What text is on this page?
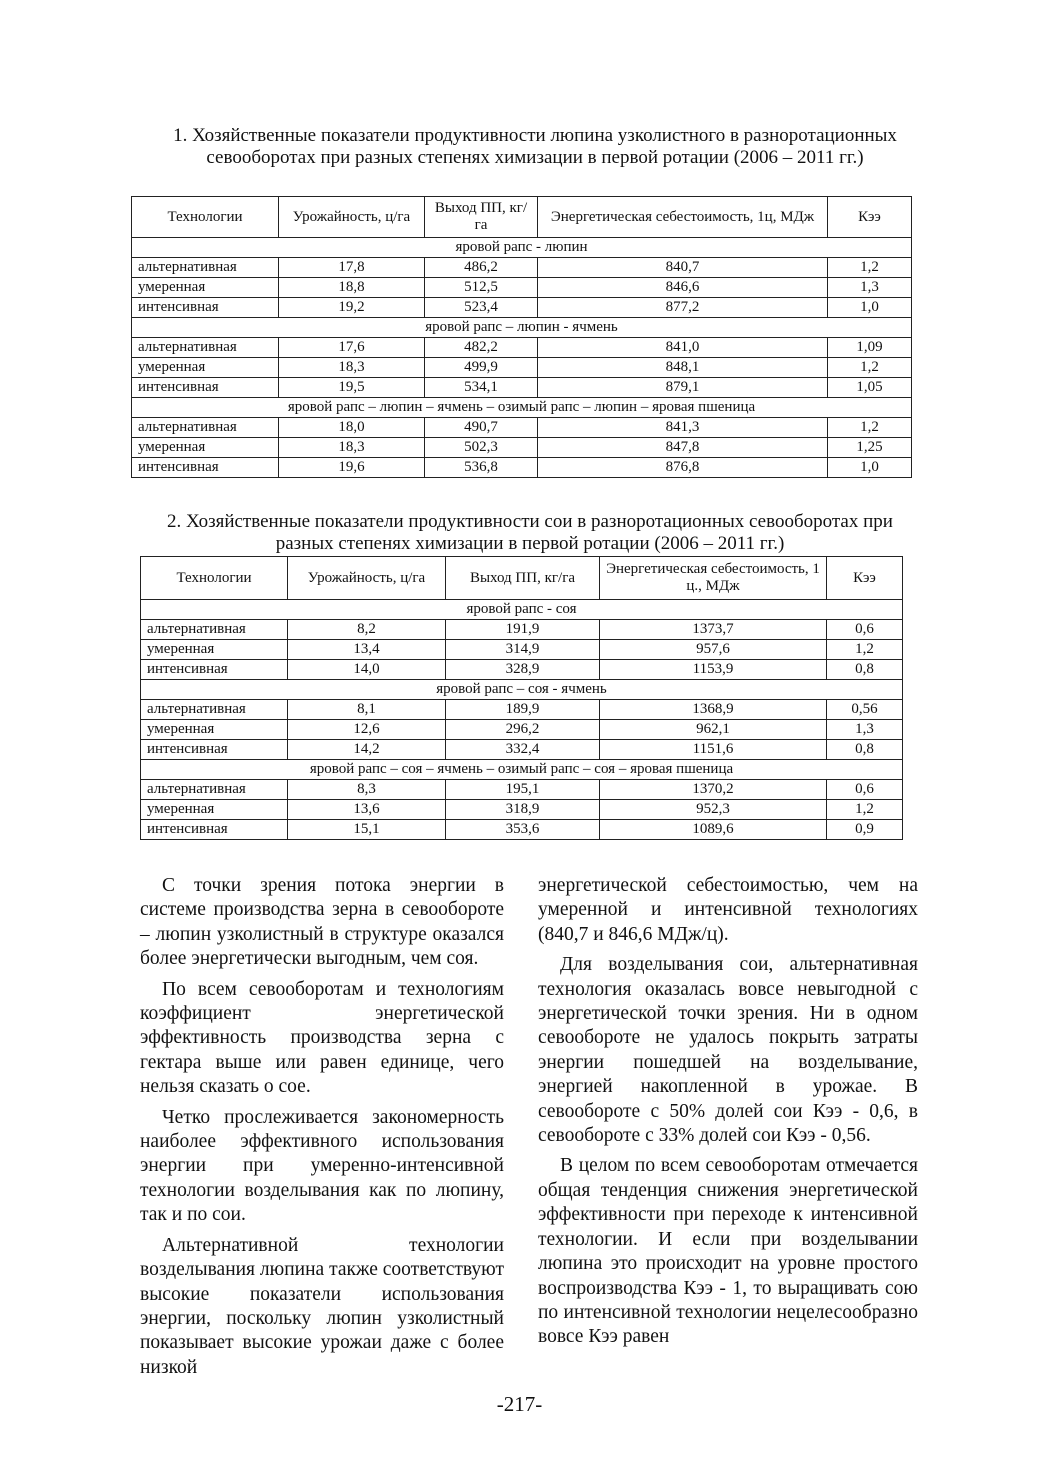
1. Хозяйственные показатели продуктивности люпина узколистного в разноротационных севооборотах при разных степенях химизации в первой ротации (2006 – 2011 гг.)
Технологии	Урожайность, ц/га	Выход ПП, кг/га	Энергетическая себестоимость, 1ц, МДж	Кээ
яровой рапс - люпин				
альтернативная	17,8	486,2	840,7	1,2
умеренная	18,8	512,5	846,6	1,3
интенсивная	19,2	523,4	877,2	1,0
яровой рапс – люпин - ячмень				
альтернативная	17,6	482,2	841,0	1,09
умеренная	18,3	499,9	848,1	1,2
интенсивная	19,5	534,1	879,1	1,05
яровой рапс – люпин – ячмень – озимый рапс – люпин – яровая пшеница				
альтернативная	18,0	490,7	841,3	1,2
умеренная	18,3	502,3	847,8	1,25
интенсивная	19,6	536,8	876,8	1,0
2. Хозяйственные показатели продуктивности сои в разноротационных севооборотах при разных степенях химизации в первой ротации (2006 – 2011 гг.)
Технологии	Урожайность, ц/га	Выход ПП, кг/га	Энергетическая себестоимость, 1 ц., МДж	Кээ
яровой рапс - соя				
альтернативная	8,2	191,9	1373,7	0,6
умеренная	13,4	314,9	957,6	1,2
интенсивная	14,0	328,9	1153,9	0,8
яровой рапс – соя - ячмень				
альтернативная	8,1	189,9	1368,9	0,56
умеренная	12,6	296,2	962,1	1,3
интенсивная	14,2	332,4	1151,6	0,8
яровой рапс – соя – ячмень – озимый рапс – соя – яровая пшеница				
альтернативная	8,3	195,1	1370,2	0,6
умеренная	13,6	318,9	952,3	1,2
интенсивная	15,1	353,6	1089,6	0,9

С точки зрения потока энергии в системе производства зерна в севообороте – люпин узколистный в структуре оказался более энергетически выгодным, чем соя.

По всем севооборотам и технологиям коэффициент энергетической эффективность производства зерна с гектара выше или равен единице, чего нельзя сказать о сое.

Четко прослеживается закономерность наиболее эффективного использования энергии при умеренно-интенсивной технологии возделывания как по люпину, так и по сои.

Альтернативной технологии возделывания люпина также соответствуют высокие показатели использования энергии, поскольку люпин узколистный показывает высокие урожаи даже с более низкой

энергетической себестоимостью, чем на умеренной и интенсивной технологиях (840,7 и 846,6 МДж/ц).

Для возделывания сои, альтернативная технология оказалась вовсе невыгодной с энергетической точки зрения. Ни в одном севообороте не удалось покрыть затраты энергии пошедшей на возделывание, энергией накопленной в урожае. В севообороте с 50% долей сои Кээ - 0,6, в севообороте с 33% долей сои Кээ - 0,56.

В целом по всем севооборотам отмечается общая тенденция снижения энергетической эффективности при переходе к интенсивной технологии. И если при возделывании люпина это происходит на уровне простого воспроизводства Кээ - 1, то выращивать сою по интенсивной технологии нецелесообразно вовсе Кээ равен

-217-
